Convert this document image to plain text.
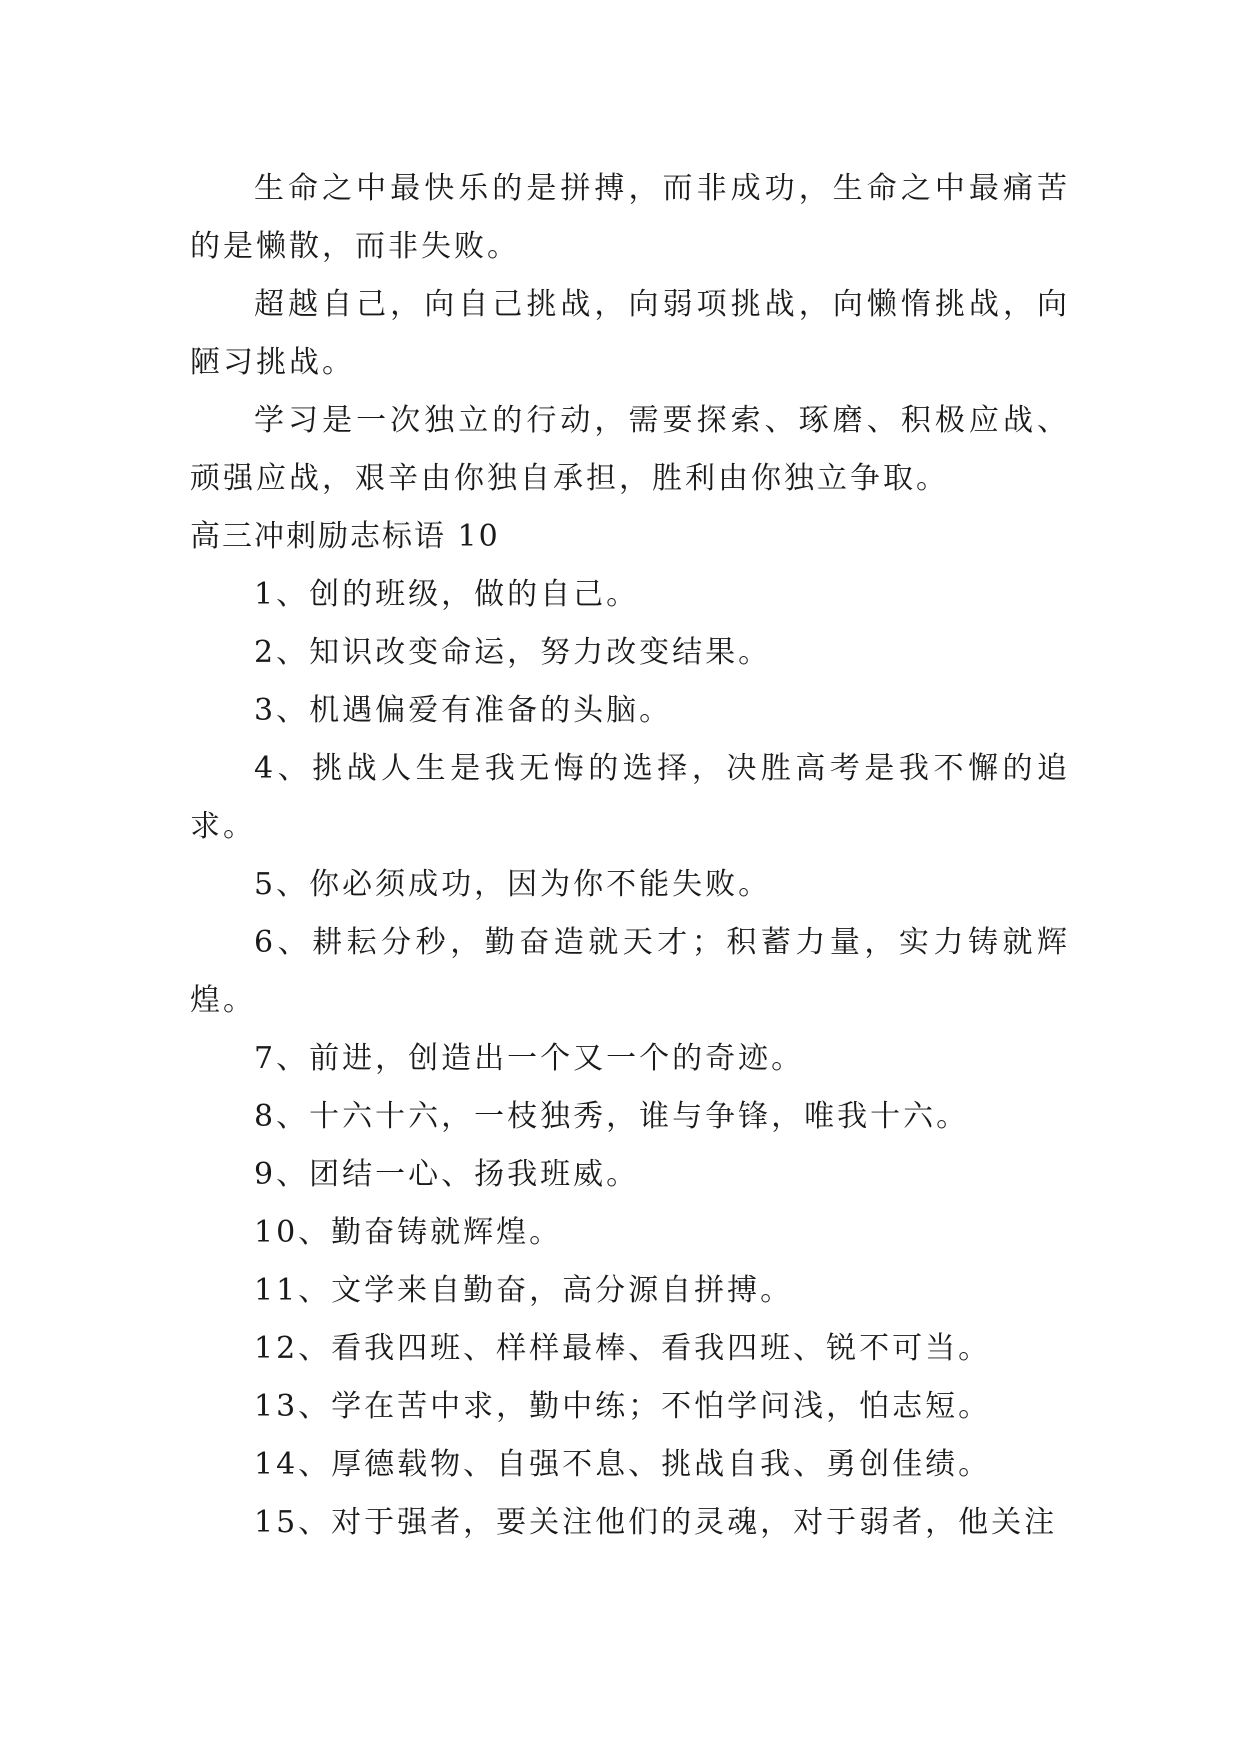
生命之中最快乐的是拼搏，而非成功，生命之中最痛苦的是懒散，而非失败。

超越自己，向自己挑战，向弱项挑战，向懒惰挑战，向陋习挑战。

学习是一次独立的行动，需要探索、琢磨、积极应战、顽强应战，艰辛由你独自承担，胜利由你独立争取。

高三冲刺励志标语 10

1、创的班级，做的自己。

2、知识改变命运，努力改变结果。

3、机遇偏爱有准备的头脑。

4、挑战人生是我无悔的选择，决胜高考是我不懈的追求。

5、你必须成功，因为你不能失败。

6、耕耘分秒，勤奋造就天才；积蓄力量，实力铸就辉煌。

7、前进，创造出一个又一个的奇迹。

8、十六十六，一枝独秀，谁与争锋，唯我十六。

9、团结一心、扬我班威。

10、勤奋铸就辉煌。

11、文学来自勤奋，高分源自拼搏。

12、看我四班、样样最棒、看我四班、锐不可当。

13、学在苦中求，勤中练；不怕学问浅，怕志短。

14、厚德载物、自强不息、挑战自我、勇创佳绩。

15、对于强者，要关注他们的灵魂，对于弱者，他关注
